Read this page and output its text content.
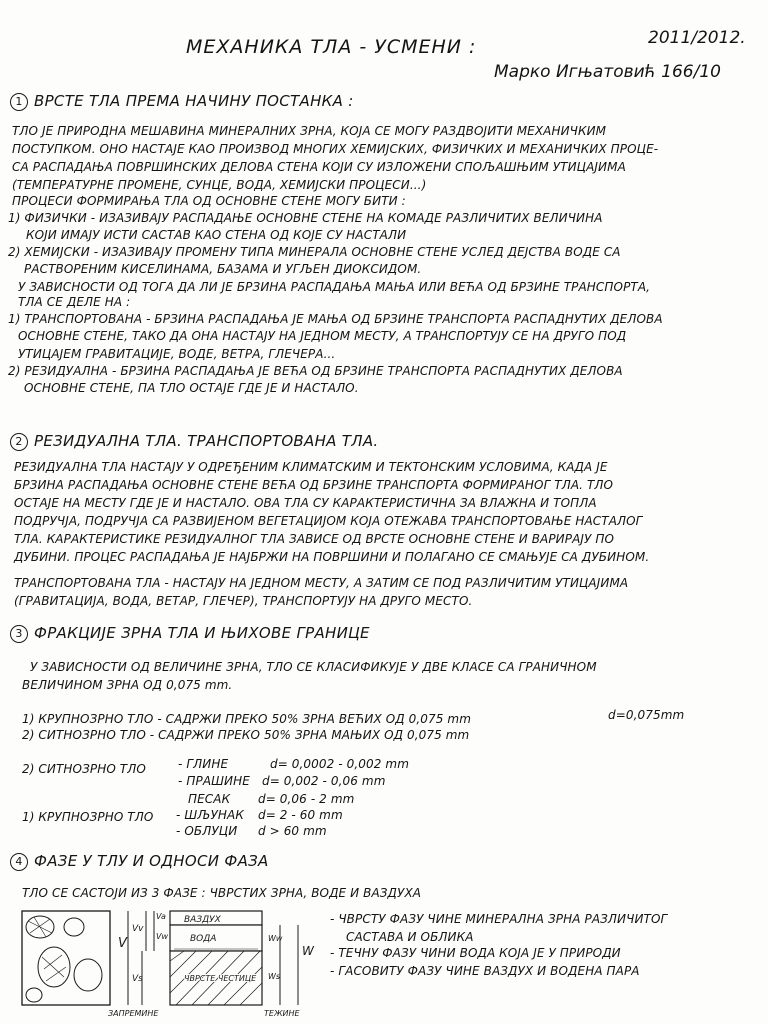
МЕХАНИКА ТЛА - УСМЕНИ :	2011/2012.
Марко Игњатовић 166/10
1 ВРСТЕ ТЛА ПРЕМА НАЧИНУ ПОСТАНКА :
ТЛО ЈЕ ПРИРОДНА МЕШАВИНА МИНЕРАЛНИХ ЗРНА, КОЈА СЕ МОГУ РАЗДВОЈИТИ МЕХАНИЧКИМ
ПОСТУПКОМ. ОНО НАСТАЈЕ КАО ПРОИЗВОД МНОГИХ ХЕМИЈСКИХ, ФИЗИЧКИХ И МЕХАНИЧКИХ ПРОЦЕ-
СА РАСПАДАЊА ПОВРШИНСКИХ ДЕЛОВА СТЕНА КОЈИ СУ ИЗЛОЖЕНИ СПОЉАШЊИМ УТИЦАЈИМА
(ТЕМПЕРАТУРНЕ ПРОМЕНЕ, СУНЦЕ, ВОДА, ХЕМИЈСКИ ПРОЦЕСИ...)
ПРОЦЕСИ ФОРМИРАЊА ТЛА ОД ОСНОВНЕ СТЕНЕ МОГУ БИТИ :
1) ФИЗИЧКИ - ИЗАЗИВАЈУ РАСПАДАЊЕ ОСНОВНЕ СТЕНЕ НА КОМАДЕ РАЗЛИЧИТИХ ВЕЛИЧИНА
КОЈИ ИМАЈУ ИСТИ САСТАВ КАО СТЕНА ОД КОЈЕ СУ НАСТАЛИ
2) ХЕМИЈСКИ - ИЗАЗИВАЈУ ПРОМЕНУ ТИПА МИНЕРАЛА ОСНОВНЕ СТЕНЕ УСЛЕД ДЕЈСТВА ВОДЕ СА
РАСТВОРЕНИМ КИСЕЛИНАМА, БАЗАМА И УГЉЕН ДИОКСИДОМ.
У ЗАВИСНОСТИ ОД ТОГА ДА ЛИ ЈЕ БРЗИНА РАСПАДАЊА МАЊА ИЛИ ВЕЋА ОД БРЗИНЕ ТРАНСПОРТА,
ТЛА СЕ ДЕЛЕ НА :
1) ТРАНСПОРТОВАНА - БРЗИНА РАСПАДАЊА ЈЕ МАЊА ОД БРЗИНЕ ТРАНСПОРТА РАСПАДНУТИХ ДЕЛОВА
ОСНОВНЕ СТЕНЕ, ТАКО ДА ОНА НАСТАЈУ НА ЈЕДНОМ МЕСТУ, А ТРАНСПОРТУЈУ СЕ НА ДРУГО ПОД
УТИЦАЈЕМ ГРАВИТАЦИЈЕ, ВОДЕ, ВЕТРА, ГЛЕЧЕРА...
2) РЕЗИДУАЛНА - БРЗИНА РАСПАДАЊА ЈЕ ВЕЋА ОД БРЗИНЕ ТРАНСПОРТА РАСПАДНУТИХ ДЕЛОВА
ОСНОВНЕ СТЕНЕ, ПА ТЛО ОСТАЈЕ ГДЕ ЈЕ И НАСТАЛО.
2 РЕЗИДУАЛНА ТЛА. ТРАНСПОРТОВАНА ТЛА.
РЕЗИДУАЛНА ТЛА НАСТАЈУ У ОДРЕЂЕНИМ КЛИМАТСКИМ И ТЕКТОНСКИМ УСЛОВИМА, КАДА ЈЕ
БРЗИНА РАСПАДАЊА ОСНОВНЕ СТЕНЕ ВЕЋА ОД БРЗИНЕ ТРАНСПОРТА ФОРМИРАНОГ ТЛА. ТЛО
ОСТАЈЕ НА МЕСТУ ГДЕ ЈЕ И НАСТАЛО. ОВА ТЛА СУ КАРАКТЕРИСТИЧНА ЗА ВЛАЖНА И ТОПЛА
ПОДРУЧЈА, ПОДРУЧЈА СА РАЗВИЈЕНОМ ВЕГЕТАЦИЈОМ КОЈА ОТЕЖАВА ТРАНСПОРТОВАЊЕ НАСТАЛОГ
ТЛА. КАРАКТЕРИСТИКЕ РЕЗИДУАЛНОГ ТЛА ЗАВИСЕ ОД ВРСТЕ ОСНОВНЕ СТЕНЕ И ВАРИРАЈУ ПО
ДУБИНИ. ПРОЦЕС РАСПАДАЊА ЈЕ НАЈБРЖИ НА ПОВРШИНИ И ПОЛАГАНО СЕ СМАЊУЈЕ СА ДУБИНОМ.
ТРАНСПОРТОВАНА ТЛА - НАСТАЈУ НА ЈЕДНОМ МЕСТУ, А ЗАТИМ СЕ ПОД РАЗЛИЧИТИМ УТИЦАЈИМА
(ГРАВИТАЦИЈА, ВОДА, ВЕТАР, ГЛЕЧЕР), ТРАНСПОРТУЈУ НА ДРУГО МЕСТО.
3 ФРАКЦИЈЕ ЗРНА ТЛА И ЊИХОВЕ ГРАНИЦЕ
У ЗАВИСНОСТИ ОД ВЕЛИЧИНЕ ЗРНА, ТЛО СЕ КЛАСИФИКУЈЕ У ДВЕ КЛАСЕ СА ГРАНИЧНОМ
ВЕЛИЧИНОМ ЗРНА ОД 0,075 mm.
1) КРУПНОЗРНО ТЛО - САДРЖИ ПРЕКО 50% ЗРНА ВЕЋИХ ОД 0,075 mm
2) СИТНОЗРНО ТЛО - САДРЖИ ПРЕКО 50% ЗРНА МАЊИХ ОД 0,075 mm
d=0,075mm
2) СИТНОЗРНО ТЛО	- ГЛИНЕ	d= 0,0002 - 0,002 mm
- ПРАШИНЕ d= 0,002 - 0,06 mm
ПЕСАК d= 0,06 - 2 mm
1) КРУПНОЗРНО ТЛО - ШЉУНАК d= 2 - 60 mm
- ОБЛУЦИ d > 60 mm
4 ФАЗЕ У ТЛУ И ОДНОСИ ФАЗА
ТЛО СЕ САСТОЈИ ИЗ 3 ФАЗЕ : ЧВРСТИХ ЗРНА, ВОДЕ И ВАЗДУХА
- ЧВРСТУ ФАЗУ ЧИНЕ МИНЕРАЛНА ЗРНА РАЗЛИЧИТОГ
САСТАВА И ОБЛИКА
- ТЕЧНУ ФАЗУ ЧИНИ ВОДА КОЈА ЈЕ У ПРИРОДИ
- ГАСОВИТУ ФАЗУ ЧИНЕ ВАЗДУХ И ВОДЕНА ПАРА
V
Vv
Va
Vw
Vs
ВАЗДУХ
ВОДА
ЧВРСТЕ ЧЕСТИЦЕ
Ww
Ws
W
ЗАПРЕМИНЕ	ТЕЖИНЕ
